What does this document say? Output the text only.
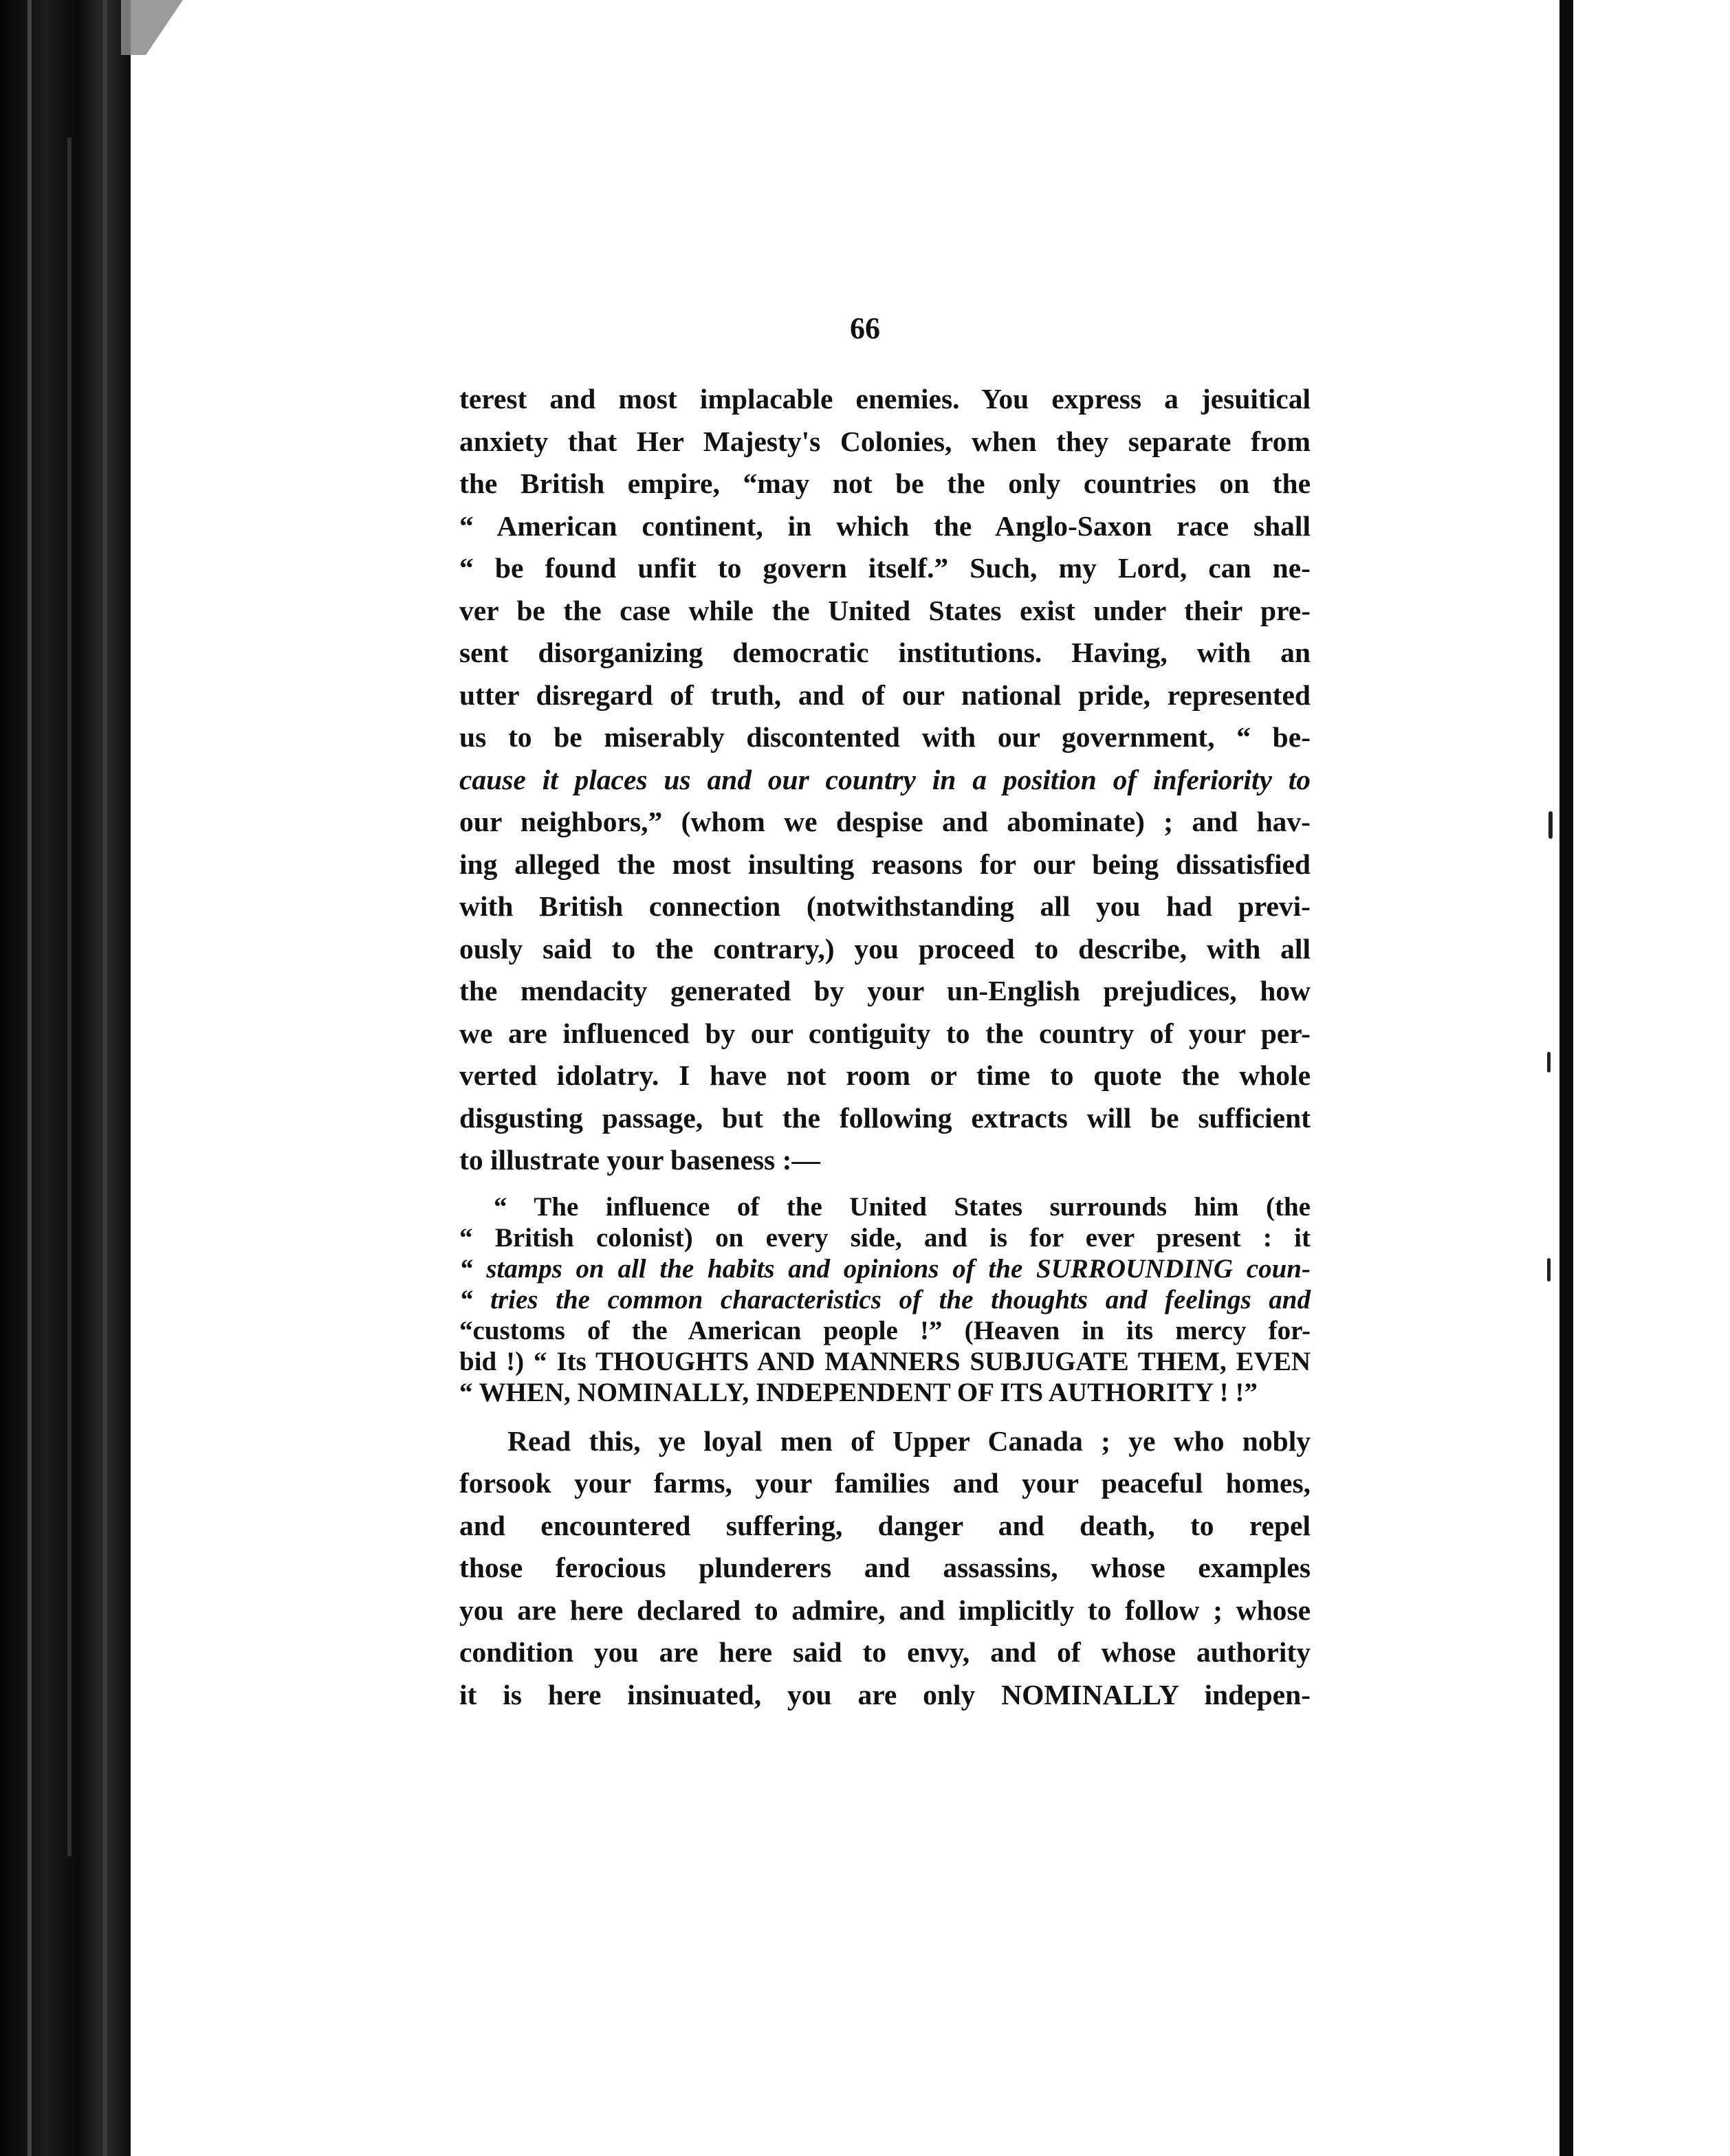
66
terest and most implacable enemies. You express a jesuitical
anxiety that Her Majesty's Colonies, when they separate from
the British empire, “may not be the only countries on the
“ American continent, in which the Anglo-Saxon race shall
“ be found unfit to govern itself.” Such, my Lord, can ne-
ver be the case while the United States exist under their pre-
sent disorganizing democratic institutions. Having, with an
utter disregard of truth, and of our national pride, represented
us to be miserably discontented with our government, “ be-
cause it places us and our country in a position of inferiority to
our neighbors,” (whom we despise and abominate) ; and hav-
ing alleged the most insulting reasons for our being dissatisfied
with British connection (notwithstanding all you had previ-
ously said to the contrary,) you proceed to describe, with all
the mendacity generated by your un-English prejudices, how
we are influenced by our contiguity to the country of your per-
verted idolatry. I have not room or time to quote the whole
disgusting passage, but the following extracts will be sufficient
to illustrate your baseness :—
“ The influence of the United States surrounds him (the
“ British colonist) on every side, and is for ever present : it
“ stamps on all the habits and opinions of the SURROUNDING coun-
“ tries the common characteristics of the thoughts and feelings and
“customs of the American people !” (Heaven in its mercy for-
bid !) “ Its THOUGHTS AND MANNERS SUBJUGATE THEM, EVEN
“ WHEN, NOMINALLY, INDEPENDENT OF ITS AUTHORITY ! !”
Read this, ye loyal men of Upper Canada ; ye who nobly
forsook your farms, your families and your peaceful homes,
and encountered suffering, danger and death, to repel
those ferocious plunderers and assassins, whose examples
you are here declared to admire, and implicitly to follow ; whose
condition you are here said to envy, and of whose authority
it is here insinuated, you are only NOMINALLY indepen-
